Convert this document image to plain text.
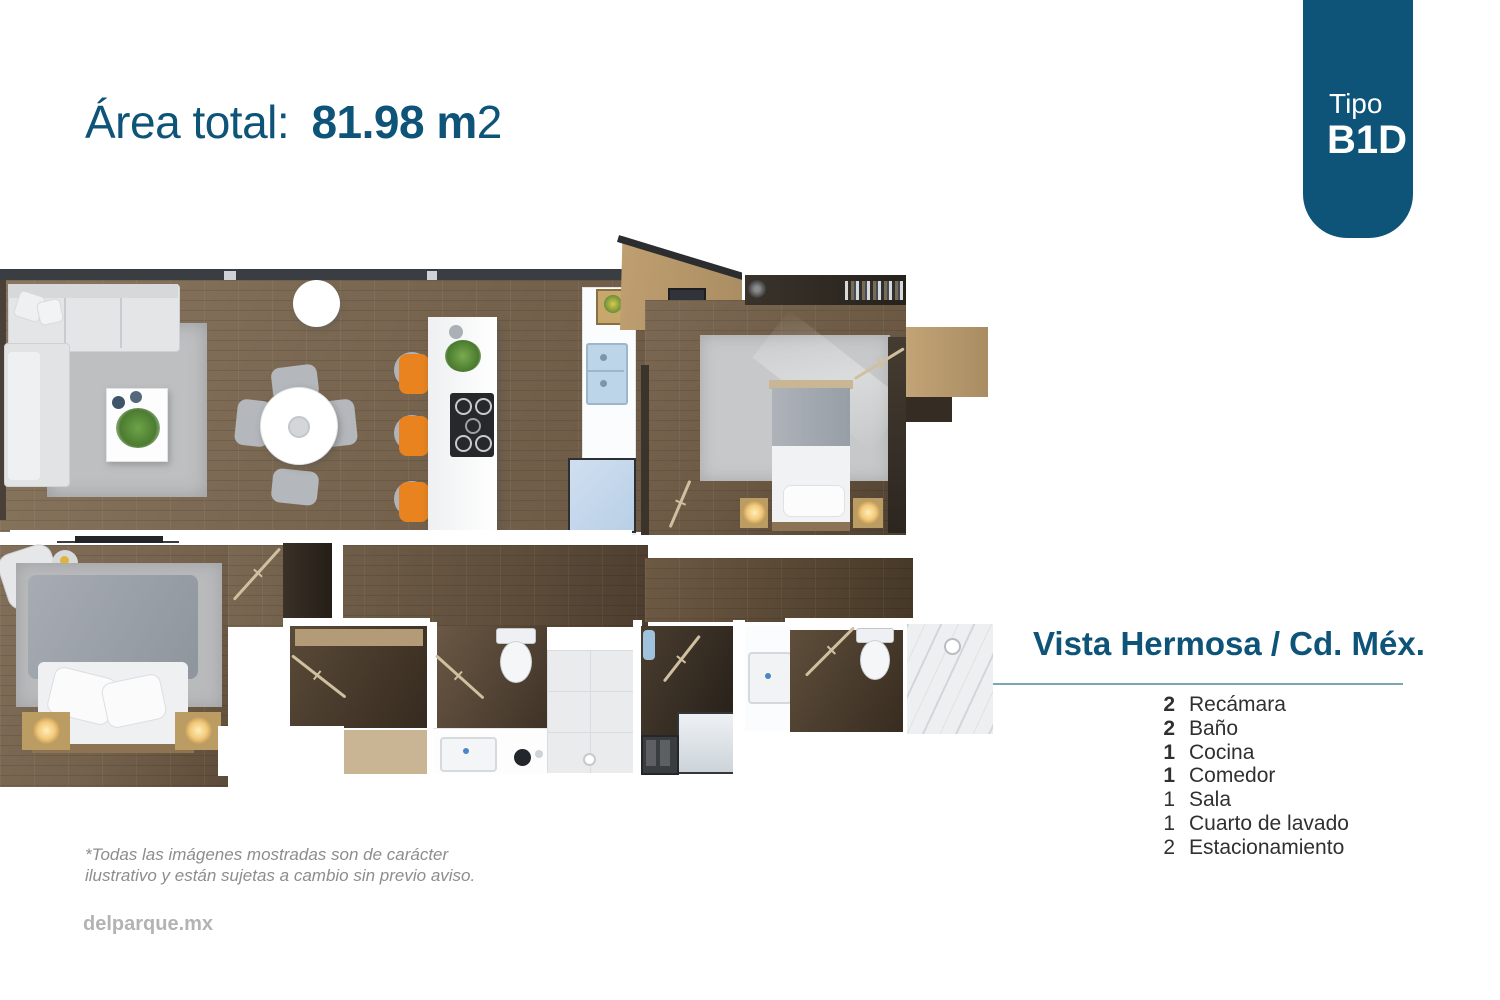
Área total: 81.98 m2	Tipo
B1D
Vista Hermosa / Cd. Méx.
2 Recámara
2 Baño
1 Cocina
1 Comedor
1 Sala
1 Cuarto de lavado
2 Estacionamiento
*Todas las imágenes mostradas son de carácter
ilustrativo y están sujetas a cambio sin previo aviso.
delparque.mx
